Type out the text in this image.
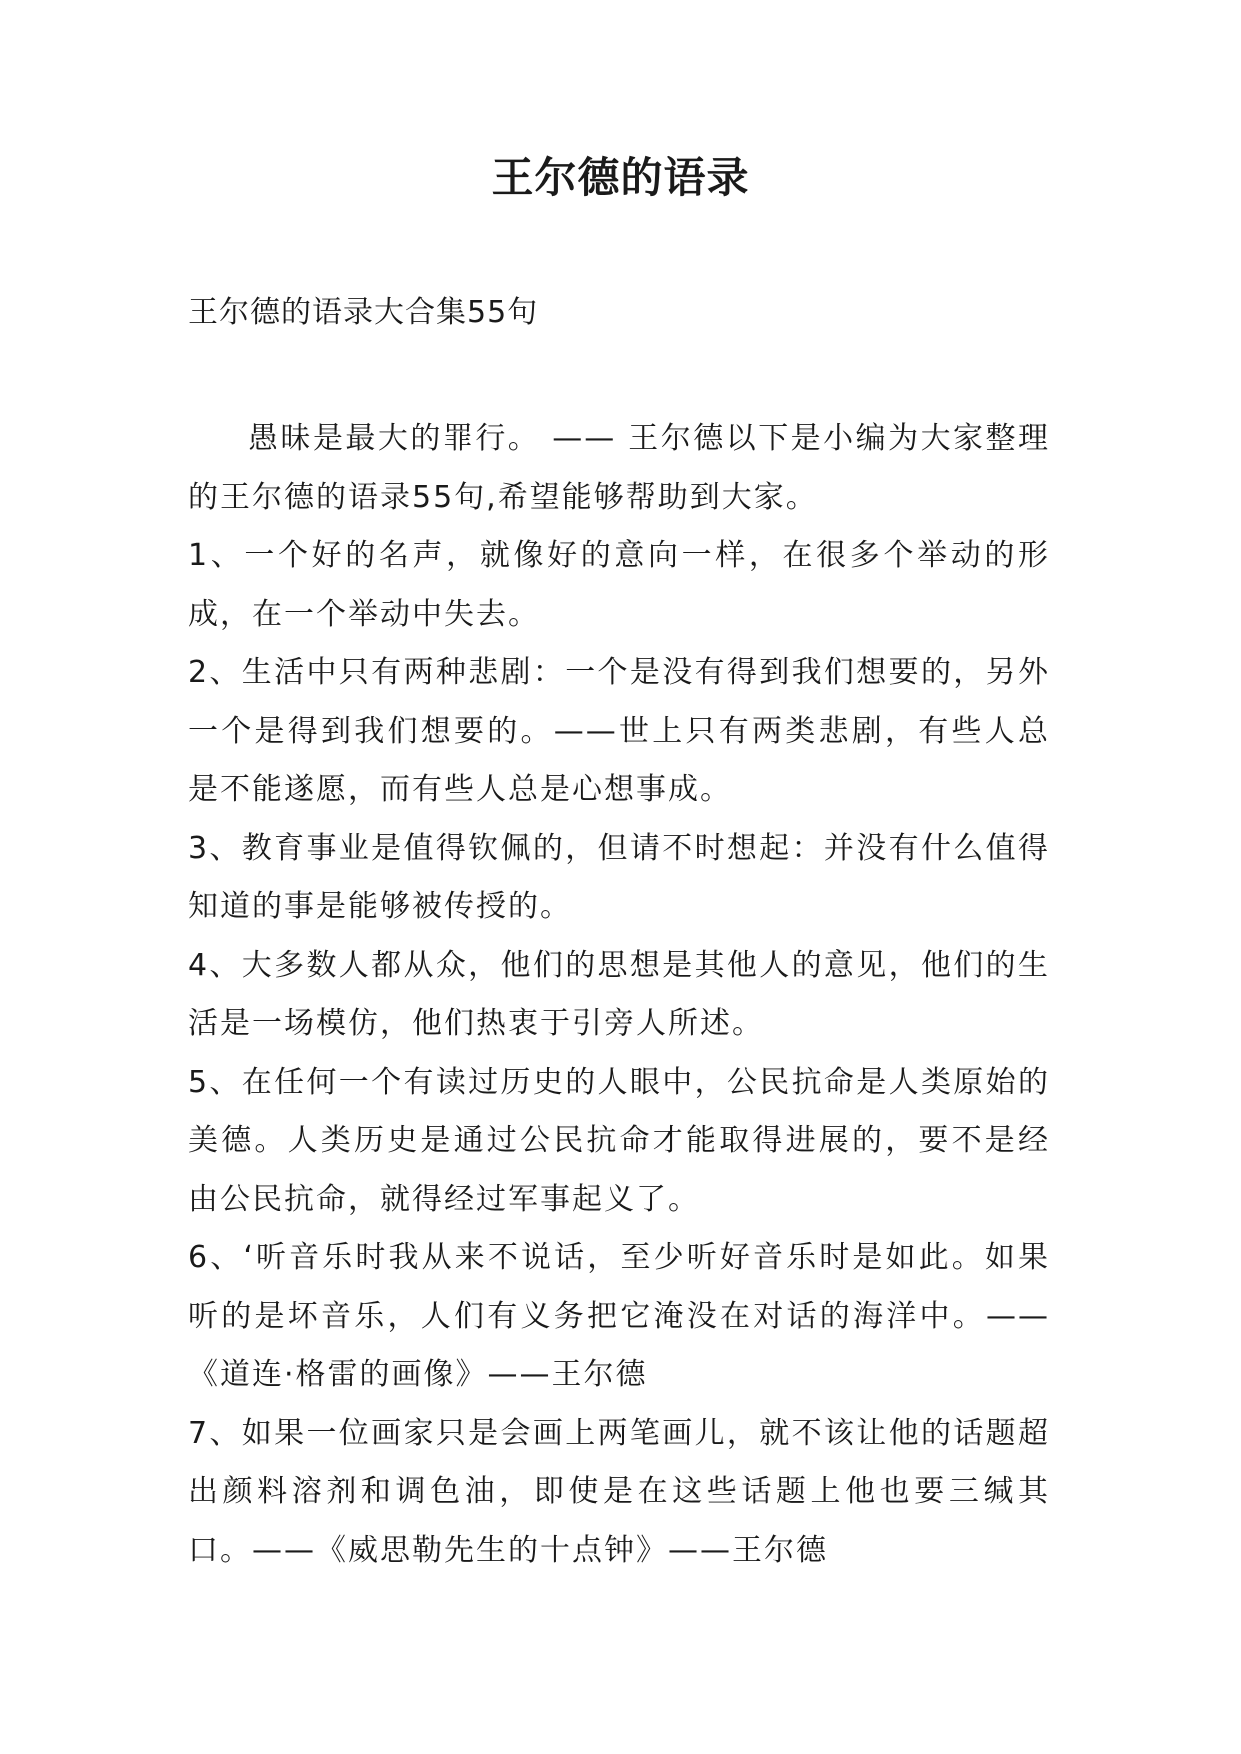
王尔德的语录
王尔德的语录大合集55句

愚昧是最大的罪行。 —— 王尔德以下是小编为大家整理的王尔德的语录55句,希望能够帮助到大家。

1、一个好的名声，就像好的意向一样，在很多个举动的形成，在一个举动中失去。

2、生活中只有两种悲剧：一个是没有得到我们想要的，另外一个是得到我们想要的。——世上只有两类悲剧，有些人总是不能遂愿，而有些人总是心想事成。

3、教育事业是值得钦佩的，但请不时想起：并没有什么值得知道的事是能够被传授的。

4、大多数人都从众，他们的思想是其他人的意见，他们的生活是一场模仿，他们热衷于引旁人所述。

5、在任何一个有读过历史的人眼中，公民抗命是人类原始的美德。人类历史是通过公民抗命才能取得进展的，要不是经由公民抗命，就得经过军事起义了。

6、‘听音乐时我从来不说话，至少听好音乐时是如此。如果听的是坏音乐，人们有义务把它淹没在对话的海洋中。——《道连·格雷的画像》——王尔德

7、如果一位画家只是会画上两笔画儿，就不该让他的话题超出颜料溶剂和调色油，即使是在这些话题上他也要三缄其口。——《威思勒先生的十点钟》——王尔德
